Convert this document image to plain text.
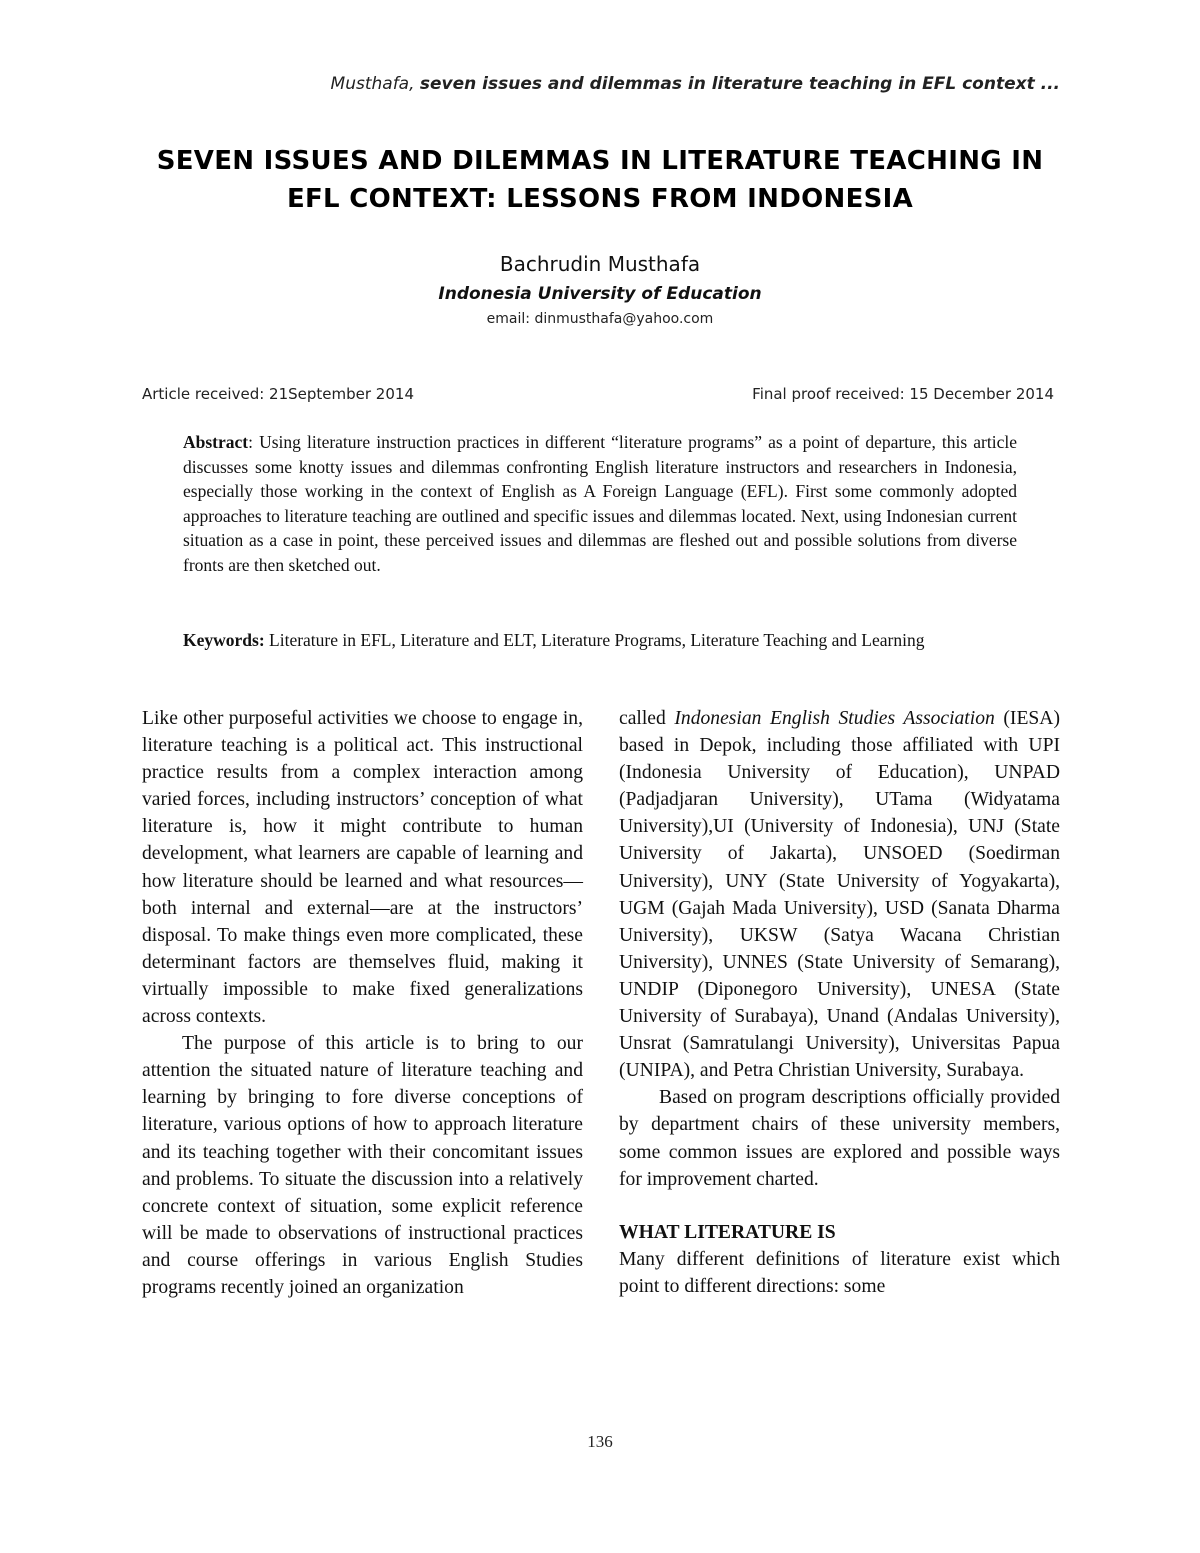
Musthafa, seven issues and dilemmas in literature teaching in EFL context ...
SEVEN ISSUES AND DILEMMAS IN LITERATURE TEACHING IN
EFL CONTEXT: LESSONS FROM INDONESIA
Bachrudin Musthafa
Indonesia University of Education
email: dinmusthafa@yahoo.com
Article received: 21September 2014	Final proof received: 15 December 2014
Abstract: Using literature instruction practices in different “literature programs” as a point of departure, this article discusses some knotty issues and dilemmas confronting English literature instructors and researchers in Indonesia, especially those working in the context of English as A Foreign Language (EFL). First some commonly adopted approaches to literature teaching are outlined and specific issues and dilemmas located. Next, using Indonesian current situation as a case in point, these perceived issues and dilemmas are fleshed out and possible solutions from diverse fronts are then sketched out.
Keywords: Literature in EFL, Literature and ELT, Literature Programs, Literature Teaching and Learning

Like other purposeful activities we choose to engage in, literature teaching is a political act. This instructional practice results from a complex interaction among varied forces, including instructors’ conception of what literature is, how it might contribute to human development, what learners are capable of learning and how literature should be learned and what resources—both internal and external—are at the instructors’ disposal. To make things even more complicated, these determinant factors are themselves fluid, making it virtually impossible to make fixed generalizations across contexts.

The purpose of this article is to bring to our attention the situated nature of literature teaching and learning by bringing to fore diverse conceptions of literature, various options of how to approach literature and its teaching together with their concomitant issues and problems. To situate the discussion into a relatively concrete context of situation, some explicit reference will be made to observations of instructional practices and course offerings in various English Studies programs recently joined an organization

called Indonesian English Studies Association (IESA) based in Depok, including those affiliated with UPI (Indonesia University of Education), UNPAD (Padjadjaran University), UTama (Widyatama University),UI (University of Indonesia), UNJ (State University of Jakarta), UNSOED (Soedirman University), UNY (State University of Yogyakarta), UGM (Gajah Mada University), USD (Sanata Dharma University), UKSW (Satya Wacana Christian University), UNNES (State University of Semarang), UNDIP (Diponegoro University), UNESA (State University of Surabaya), Unand (Andalas University), Unsrat (Samratulangi University), Universitas Papua (UNIPA), and Petra Christian University, Surabaya.

Based on program descriptions officially provided by department chairs of these university members, some common issues are explored and possible ways for improvement charted.

WHAT LITERATURE IS

Many different definitions of literature exist which point to different directions: some

136
